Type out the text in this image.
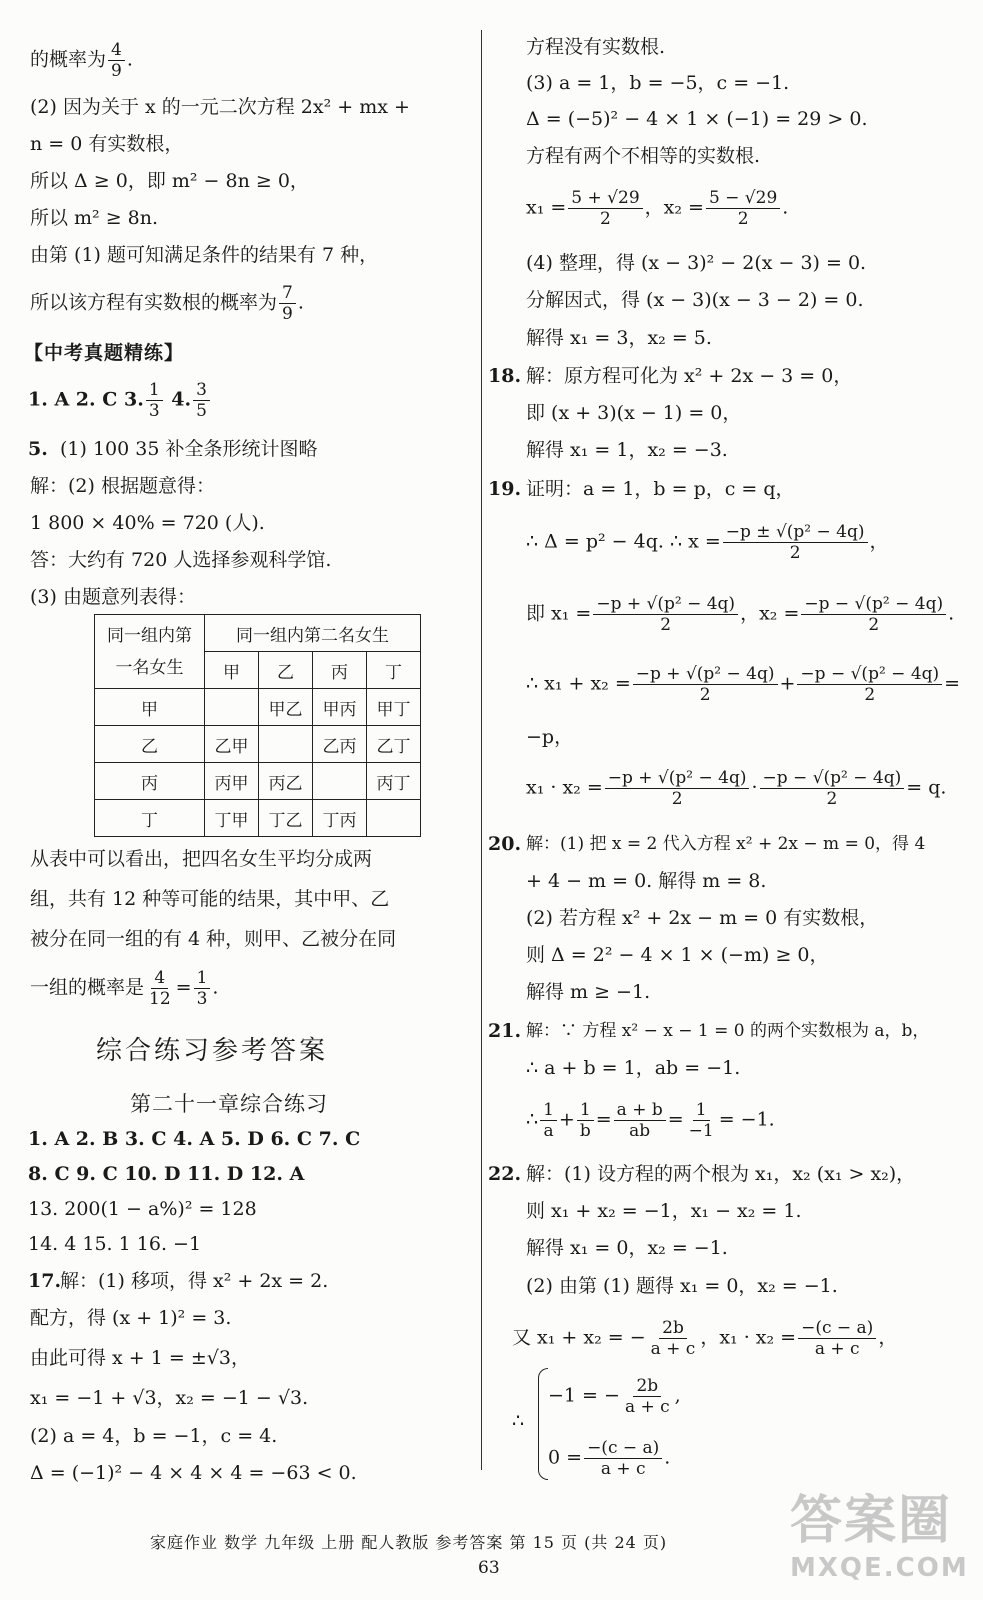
的概率为 $\frac{4}{9}$ .
(2) 因为关于 x 的一元二次方程 2x² + mx +
n = 0 有实数根，
所以 Δ ≥ 0，即 m² − 8n ≥ 0，
所以 m² ≥ 8n.
由第 (1) 题可知满足条件的结果有 7 种，
所以该方程有实数根的概率为 $\frac{7}{9}$ .
【中考真题精练】
1. A 2. C 3. $\frac{1}{3} 4$. $\frac{3}{5}$
5. (1) 100 35 补全条形统计图略
解：(2) 根据题意得：
1 800 × 40% = 720 (人).
答：大约有 720 人选择参观科学馆.
(3) 由题意列表得：
同一组内第
一名女生	同一组内第二名女生			
	甲	乙	丙	丁
甲		甲乙	甲丙	甲丁
乙	乙甲		乙丙	乙丁
丙	丙甲	丙乙		丙丁
丁	丁甲	丁乙	丁丙	
从表中可以看出，把四名女生平均分成两
组，共有 12 种等可能的结果，其中甲、乙
被分在同一组的有 4 种，则甲、乙被分在同
一组的概率是 $\frac{4}{12} = \frac{1}{3}$ .
综合练习参考答案
第二十一章综合练习
1. A 2. B 3. C 4. A 5. D 6. C 7. C
8. C 9. C 10. D 11. D 12. A
13. 200(1 − a%)² = 128
14. 4 15. 1 16. −1
17.
解：(1) 移项，得 x² + 2x = 2.
配方，得 (x + 1)² = 3.
由此可得 x + 1 = ±√3，
x₁ = −1 + √3，x₂ = −1 − √3.
(2) a = 4，b = −1，c = 4.
Δ = (−1)² − 4 × 4 × 4 = −63 < 0.
方程没有实数根.
(3) a = 1，b = −5，c = −1.
Δ = (−5)² − 4 × 1 × (−1) = 29 > 0.
方程有两个不相等的实数根.
$x_1 = \frac{5 + √29}{2}$ ，$x_2 = \frac{5 - √29}{2}$ .
(4) 整理，得 (x − 3)² − 2(x − 3) = 0.
分解因式，得 (x − 3)(x − 3 − 2) = 0.
解得 x₁ = 3，x₂ = 5.
18. 解：原方程可化为 x² + 2x − 3 = 0，
即 (x + 3)(x − 1) = 0，
解得 x₁ = 1，x₂ = −3.
19. 证明：a = 1，b = p，c = q，
∴ Δ = p² − 4q. ∴ $x = \frac{\text{−p ± √(p² − 4q)}}{2}$ ，
即 $x_1 = \frac{\text{−p + √(p² − 4q)}}{2}$ ，$x_2 = \frac{\text{−p − √(p² − 4q)}}{2}$ .
∴ $x_1 + x_2 = \frac{\text{−p + √(p² − 4q)}}{2} + \frac{\text{−p − √(p² − 4q)}}{2}$ =
−p，
$x_1 \cdot x_2 = \frac{\text{−p + √(p² − 4q)}}{2} \cdot \frac{\text{−p − √(p² − 4q)}}{2} = q$.
20. 解：(1) 把 x = 2 代入方程 x² + 2x − m = 0，得 4
+ 4 − m = 0. 解得 m = 8.
(2) 若方程 x² + 2x − m = 0 有实数根，
则 Δ = 2² − 4 × 1 × (−m) ≥ 0，
解得 m ≥ −1.
21. 解：∵ 方程 x² − x − 1 = 0 的两个实数根为 a，b，
∴ a + b = 1，ab = −1.
∴ $\frac{1}{a} + \frac{1}{b} = \frac{a + b}{ab} = \frac{1}{-1} = -1$.
22. 解：(1) 设方程的两个根为 x₁，x₂ (x₁ > x₂)，
则 x₁ + x₂ = −1，x₁ − x₂ = 1.
解得 x₁ = 0，x₂ = −1.
(2) 由第 (1) 题得 x₁ = 0，x₂ = −1.
又 x₁ + x₂ = − $\frac{2b}{a + c}$ ，$x_1 \cdot x_2 = \frac{-(c - a)}{a + c}$ ，
∴
−1 = − $\frac{2b}{a + c}$ ,
$0 = \frac{-(c - a)}{a + c}$ .
家庭作业 数学 九年级 上册 配人教版 参考答案 第 15 页 (共 24 页)
63
答案圈
MXQE.COM
